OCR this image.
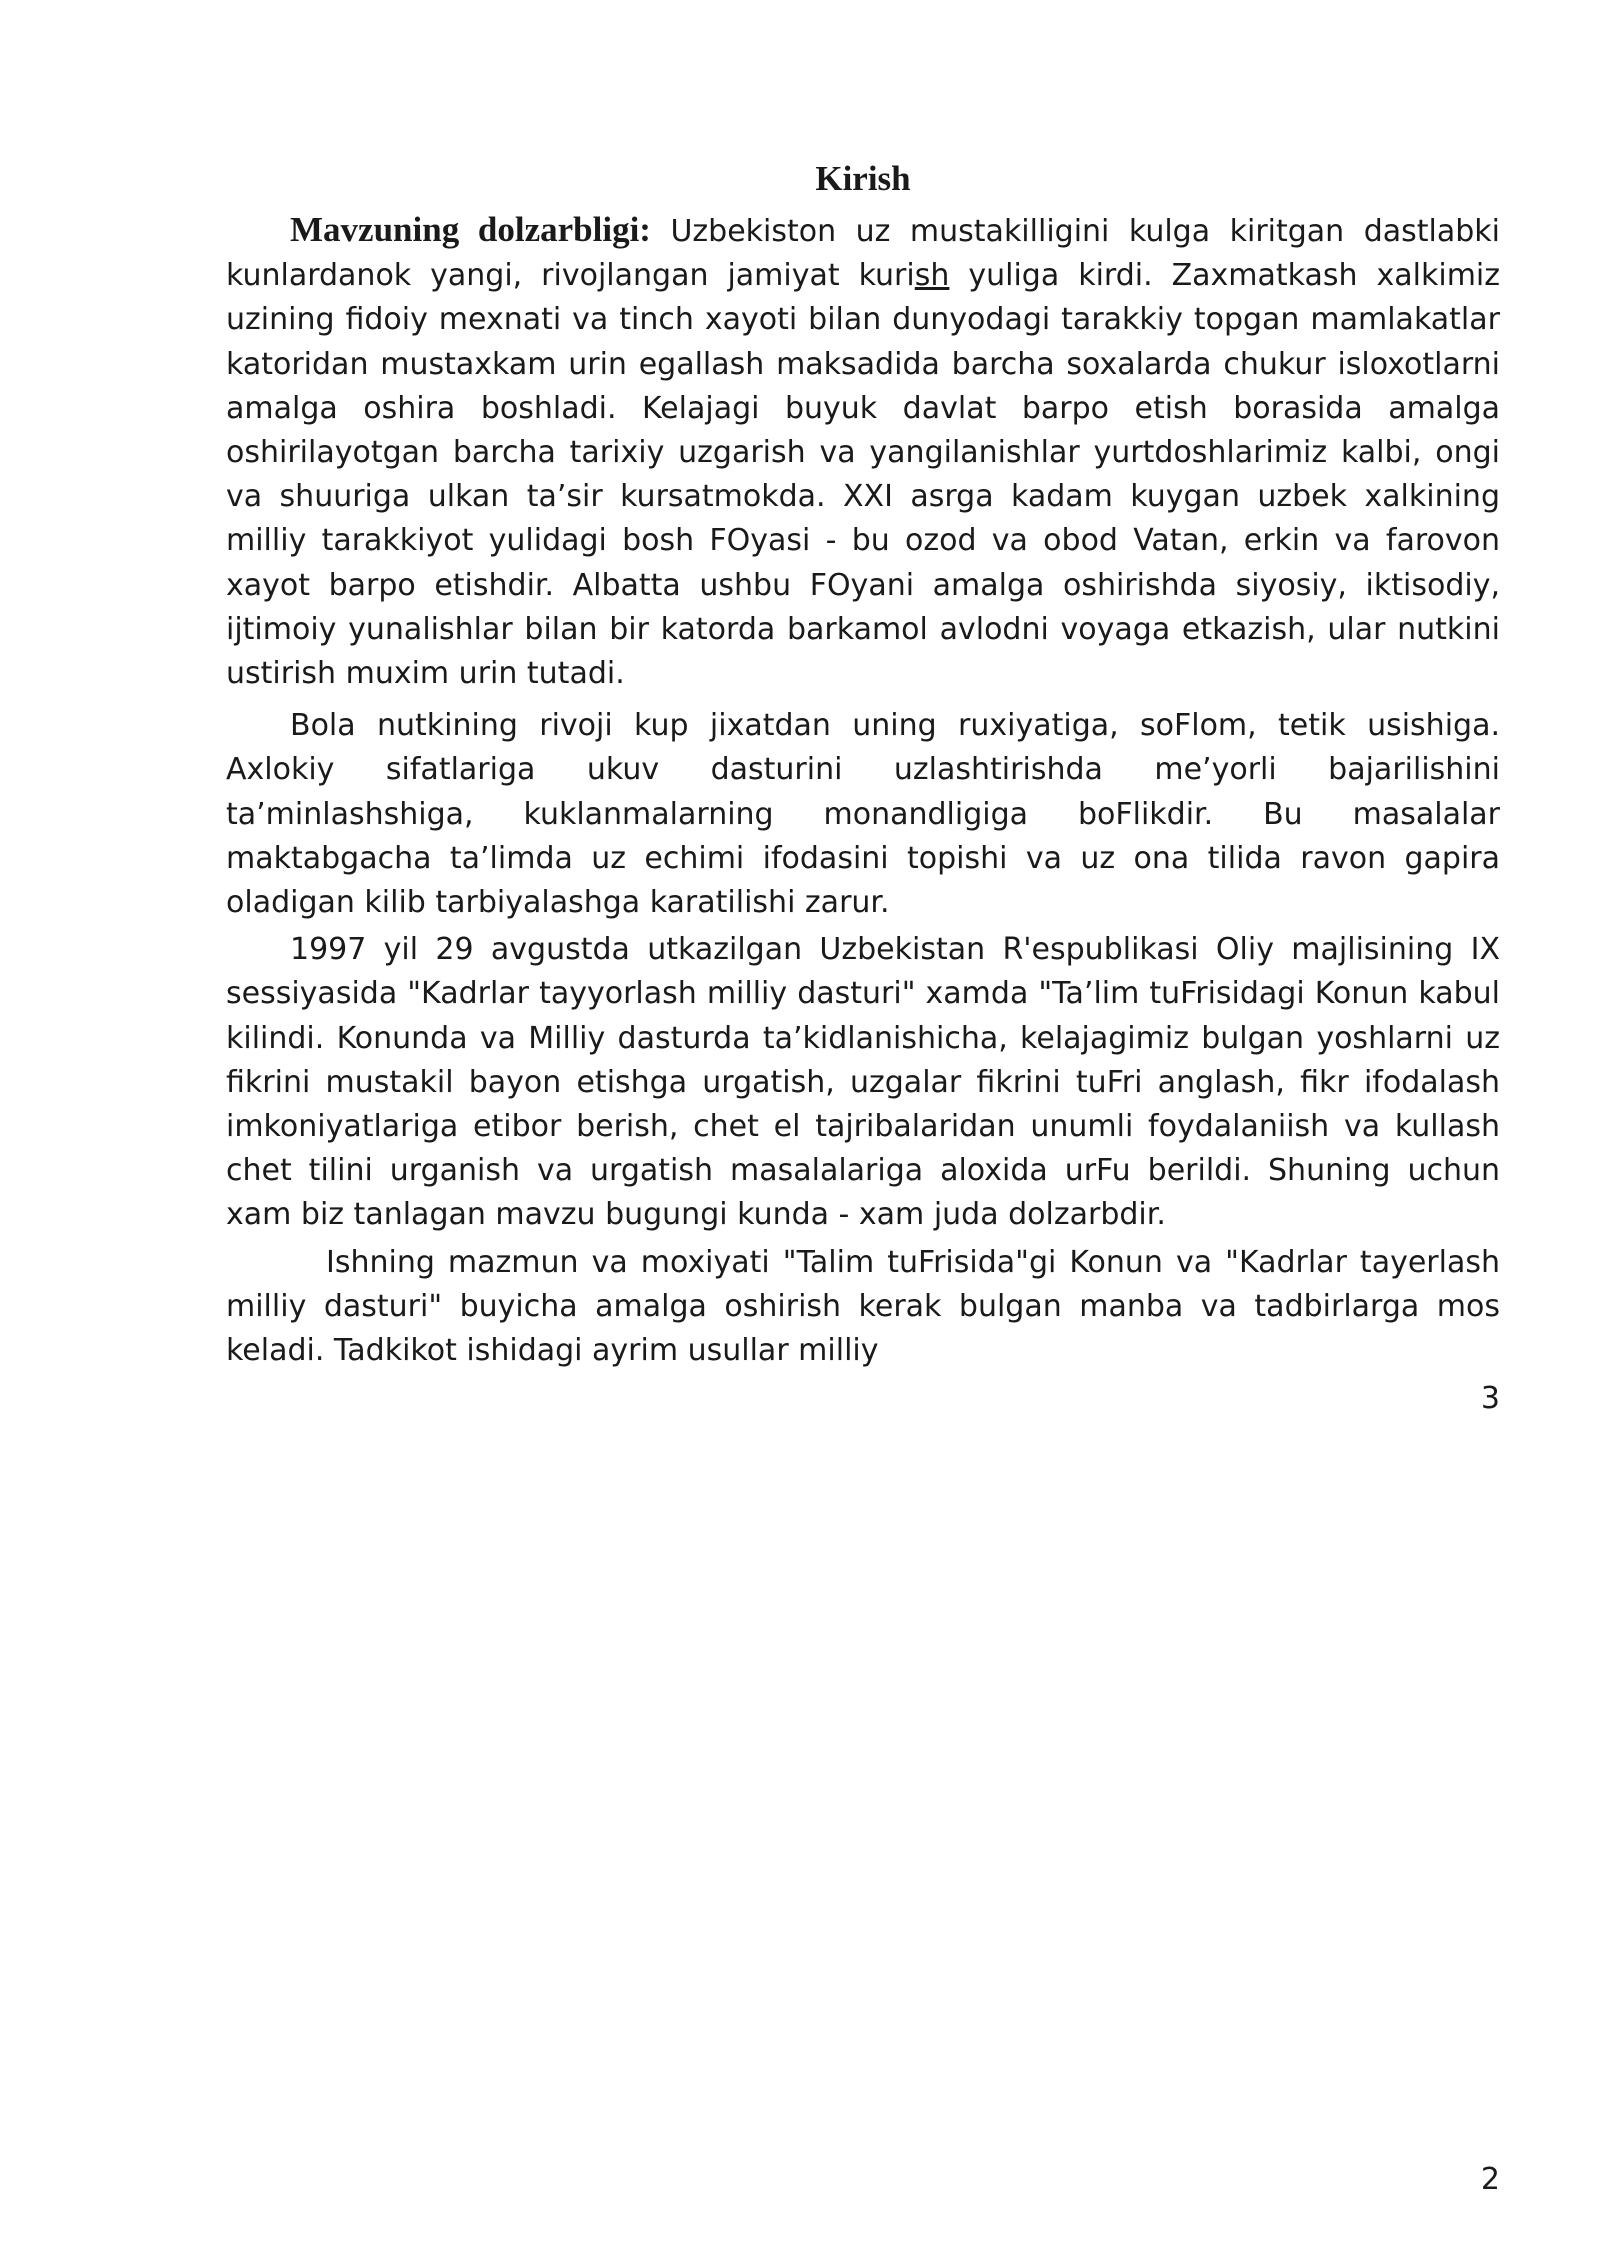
Kirish

Mavzuning dolzarbligi: Uzbekiston uz mustakilligini kulga kiritgan dastlabki kunlardanok yangi, rivojlangan jamiyat kurish yuliga kirdi. Zaxmatkash xalkimiz uzining fidoiy mexnati va tinch xayoti bilan dunyodagi tarakkiy topgan mamlakatlar katoridan mustaxkam urin egallash maksadida barcha soxalarda chukur isloxotlarni amalga oshira boshladi. Kelajagi buyuk davlat barpo etish borasida amalga oshirilayotgan barcha tarixiy uzgarish va yangilanishlar yurtdoshlarimiz kalbi, ongi va shuuriga ulkan ta’sir kursatmokda. XXI asrga kadam kuygan uzbek xalkining milliy tarakkiyot yulidagi bosh FOyasi - bu ozod va obod Vatan, erkin va farovon xayot barpo etishdir. Albatta ushbu FOyani amalga oshirishda siyosiy, iktisodiy, ijtimoiy yunalishlar bilan bir katorda barkamol avlodni voyaga etkazish, ular nutkini ustirish muxim urin tutadi.

Bola nutkining rivoji kup jixatdan uning ruxiyatiga, soFlom, tetik usishiga. Axlokiy sifatlariga ukuv dasturini uzlashtirishda me’yorli bajarilishini ta’minlashshiga, kuklanmalarning monandligiga boFlikdir. Bu masalalar maktabgacha ta’limda uz echimi ifodasini topishi va uz ona tilida ravon gapira oladigan kilib tarbiyalashga karatilishi zarur.

1997 yil 29 avgustda utkazilgan Uzbekistan R'espublikasi Oliy majlisining IX sessiyasida "Kadrlar tayyorlash milliy dasturi" xamda "Ta’lim tuFrisidagi Konun kabul kilindi. Konunda va Milliy dasturda ta’kidlanishicha, kelajagimiz bulgan yoshlarni uz fikrini mustakil bayon etishga urgatish, uzgalar fikrini tuFri anglash, fikr ifodalash imkoniyatlariga etibor berish, chet el tajribalaridan unumli foydalaniish va kullash chet tilini urganish va urgatish masalalariga aloxida urFu berildi. Shuning uchun xam biz tanlagan mavzu bugungi kunda - xam juda dolzarbdir.

Ishning mazmun va moxiyati "Talim tuFrisida"gi Konun va "Kadrlar tayerlash milliy dasturi" buyicha amalga oshirish kerak bulgan manba va tadbirlarga mos keladi. Tadkikot ishidagi ayrim usullar milliy

3
2
